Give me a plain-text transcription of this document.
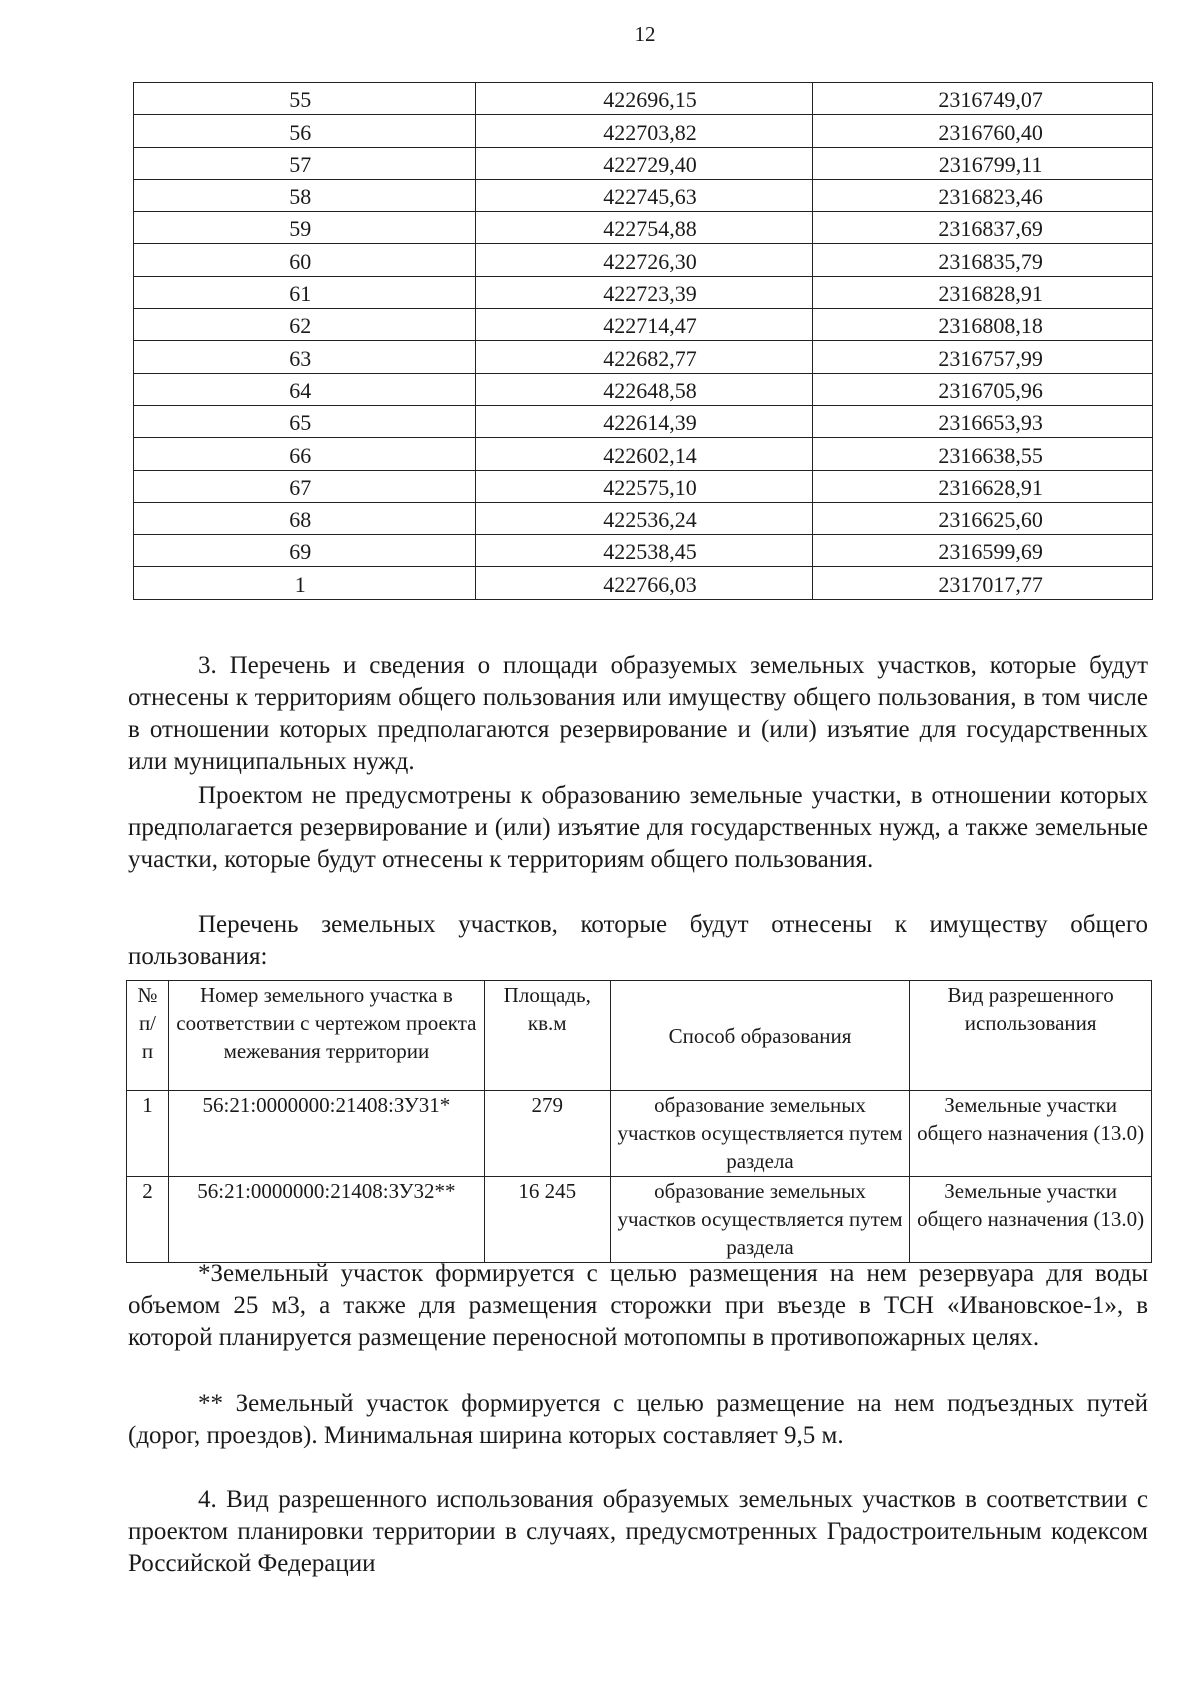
12
55	422696,15	2316749,07
56	422703,82	2316760,40
57	422729,40	2316799,11
58	422745,63	2316823,46
59	422754,88	2316837,69
60	422726,30	2316835,79
61	422723,39	2316828,91
62	422714,47	2316808,18
63	422682,77	2316757,99
64	422648,58	2316705,96
65	422614,39	2316653,93
66	422602,14	2316638,55
67	422575,10	2316628,91
68	422536,24	2316625,60
69	422538,45	2316599,69
1	422766,03	2317017,77
3. Перечень и сведения о площади образуемых земельных участков, которые будут отнесены к территориям общего пользования или имуществу общего пользования, в том числе в отношении которых предполагаются резервирование и (или) изъятие для государственных или муниципальных нужд.
Проектом не предусмотрены к образованию земельные участки, в отношении которых предполагается резервирование и (или) изъятие для государственных нужд, а также земельные участки, которые будут отнесены к территориям общего пользования.
Перечень земельных участков, которые будут отнесены к имуществу общего пользования:
№ п/ п	Номер земельного участка в соответствии с чертежом проекта межевания территории	Площадь, кв.м	Способ образования	Вид разрешенного использования
1	56:21:0000000:21408:ЗУ31*	279	образование земельных участков осуществляется путем раздела	Земельные участки общего назначения (13.0)
2	56:21:0000000:21408:ЗУ32**	16 245	образование земельных участков осуществляется путем раздела	Земельные участки общего назначения (13.0)
*Земельный участок формируется с целью размещения на нем резервуара для воды объемом 25 м3, а также для размещения сторожки при въезде в ТСН «Ивановское-1», в которой планируется размещение переносной мотопомпы в противопожарных целях.
** Земельный участок формируется с целью размещение на нем подъездных путей (дорог, проездов). Минимальная ширина которых составляет 9,5 м.
4. Вид разрешенного использования образуемых земельных участков в соответствии с проектом планировки территории в случаях, предусмотренных Градостроительным кодексом Российской Федерации
